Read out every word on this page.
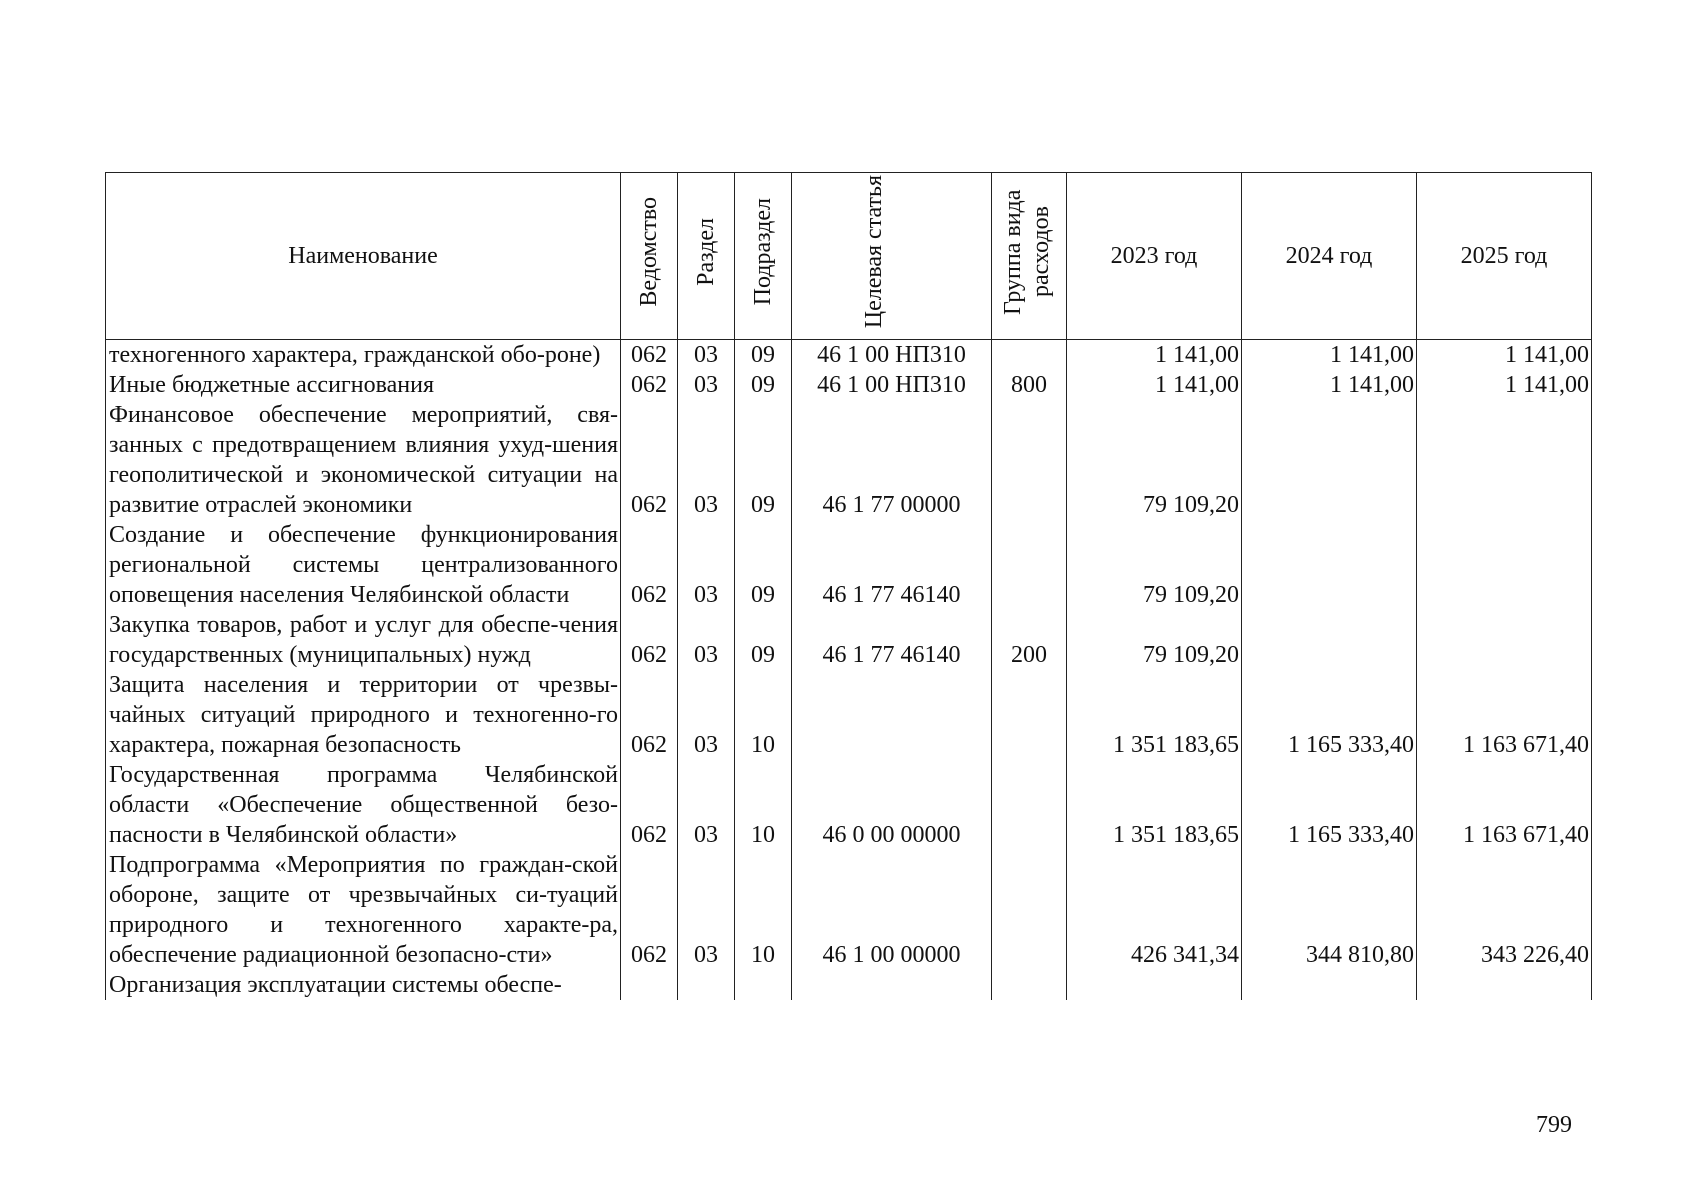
Наименование	Ведомство	Раздел	Подраздел	Целевая статья	Группа вида расходов	2023 год	2024 год	2025 год
техногенного характера, гражданской обо-роне)	062	03	09	46 1 00 НП310		1 141,00	1 141,00	1 141,00
Иные бюджетные ассигнования	062	03	09	46 1 00 НП310	800	1 141,00	1 141,00	1 141,00
Финансовое обеспечение мероприятий, свя-занных с предотвращением влияния ухуд-шения геополитической и экономической ситуации на развитие отраслей экономики	062	03	09	46 1 77 00000		79 109,20		
Создание и обеспечение функционирования региональной системы централизованного оповещения населения Челябинской области	062	03	09	46 1 77 46140		79 109,20		
Закупка товаров, работ и услуг для обеспе-чения государственных (муниципальных) нужд	062	03	09	46 1 77 46140	200	79 109,20		
Защита населения и территории от чрезвы-чайных ситуаций природного и техногенно-го характера, пожарная безопасность	062	03	10			1 351 183,65	1 165 333,40	1 163 671,40
Государственная программа Челябинской области «Обеспечение общественной безо-пасности в Челябинской области»	062	03	10	46 0 00 00000		1 351 183,65	1 165 333,40	1 163 671,40
Подпрограмма «Мероприятия по граждан-ской обороне, защите от чрезвычайных си-туаций природного и техногенного характе-ра, обеспечение радиационной безопасно-сти»	062	03	10	46 1 00 00000		426 341,34	344 810,80	343 226,40
Организация эксплуатации системы обеспе-								
799
